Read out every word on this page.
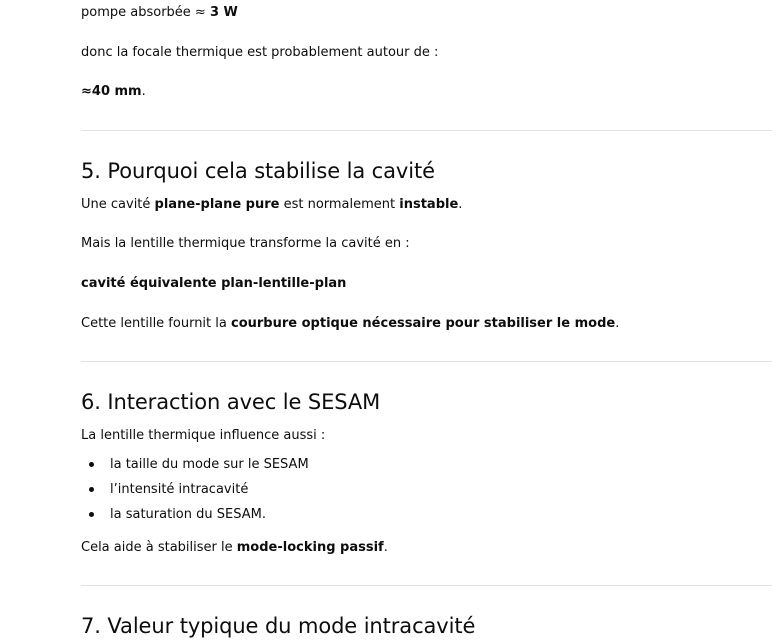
pompe absorbée ≈ 3 W

donc la focale thermique est probablement autour de :

≈40 mm.

5. Pourquoi cela stabilise la cavité

Une cavité plane-plane pure est normalement instable.

Mais la lentille thermique transforme la cavité en :

cavité équivalente plan-lentille-plan

Cette lentille fournit la courbure optique nécessaire pour stabiliser le mode.

6. Interaction avec le SESAM

La lentille thermique influence aussi :

la taille du mode sur le SESAM
l’intensité intracavité
la saturation du SESAM.

Cela aide à stabiliser le mode-locking passif.

7. Valeur typique du mode intracavité
